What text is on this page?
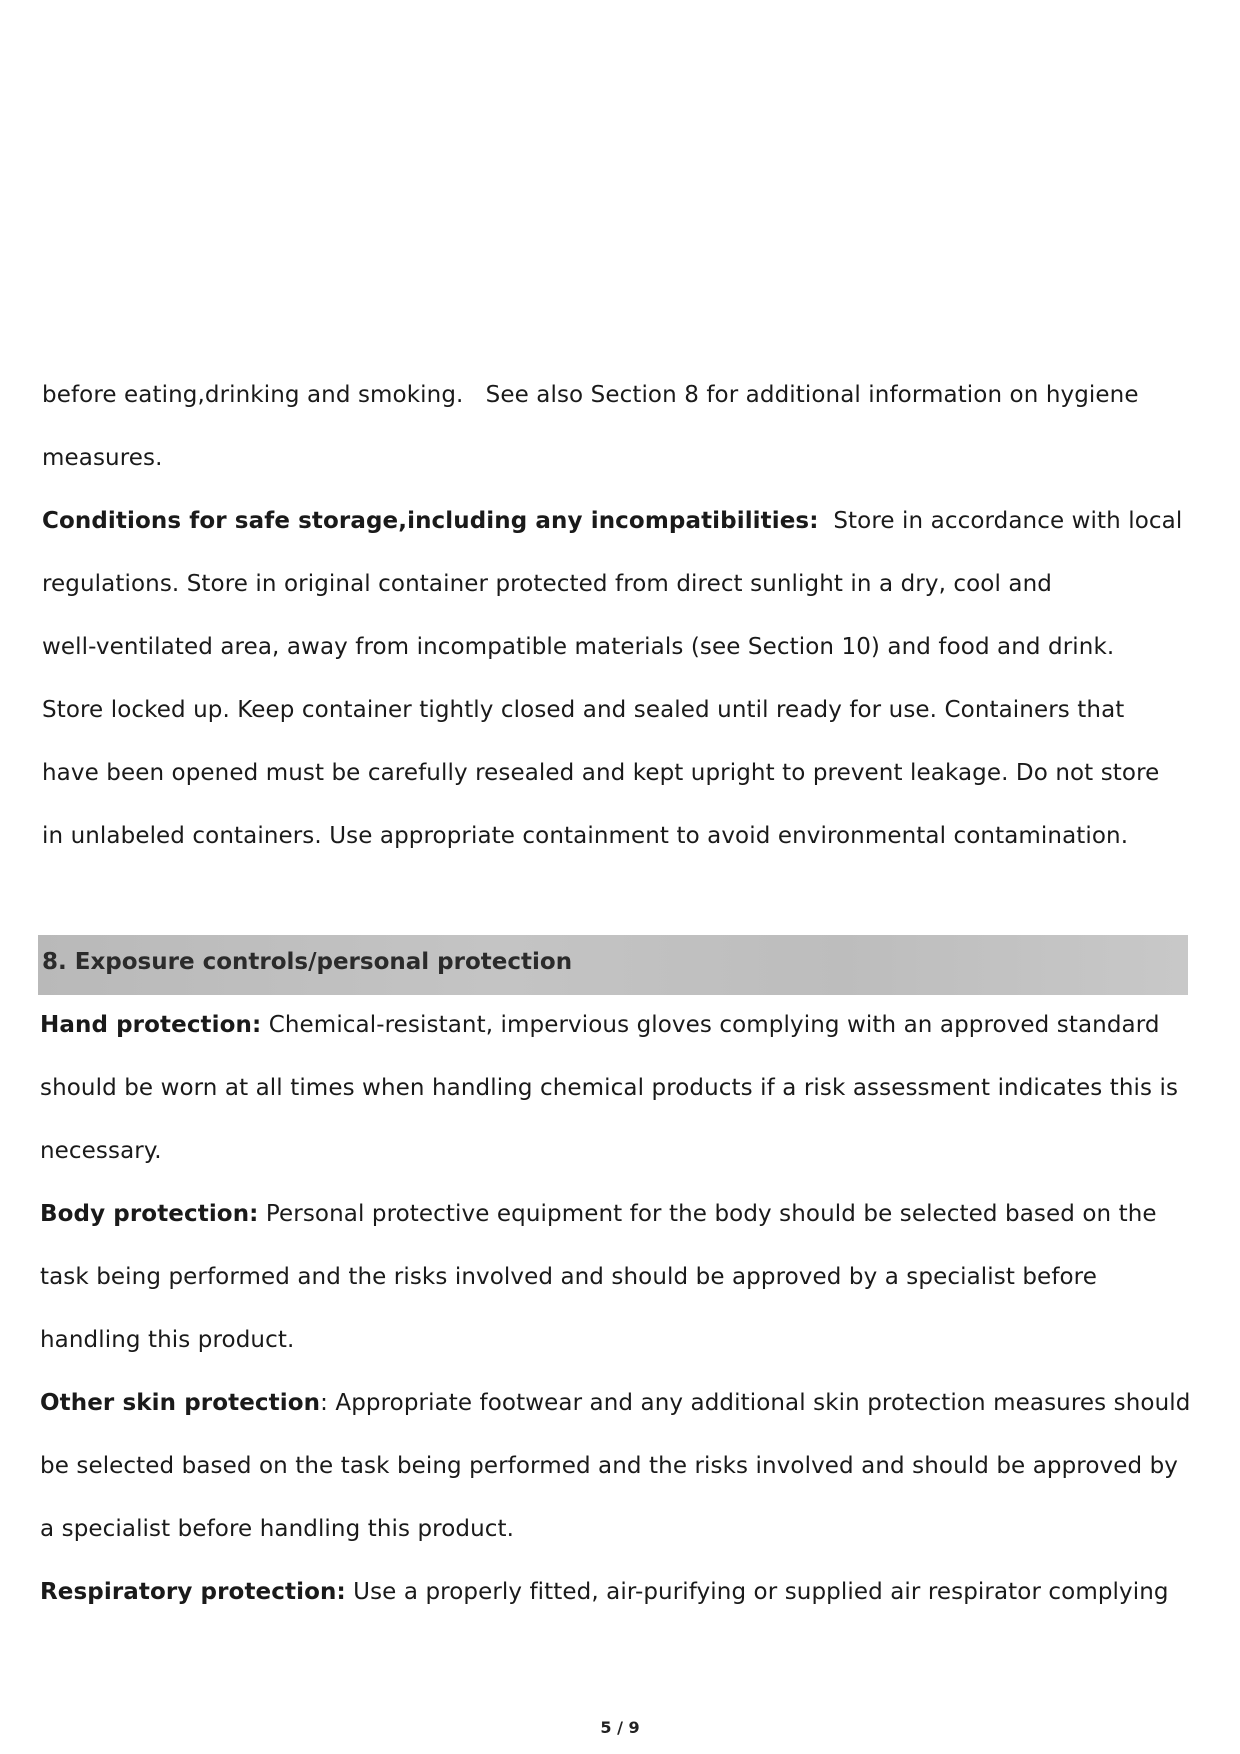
before eating,drinking and smoking.   See also Section 8 for additional information on hygiene

measures.

Conditions for safe storage,including any incompatibilities:  Store in accordance with local

regulations. Store in original container protected from direct sunlight in a dry, cool and

well-ventilated area, away from incompatible materials (see Section 10) and food and drink.

Store locked up. Keep container tightly closed and sealed until ready for use. Containers that

have been opened must be carefully resealed and kept upright to prevent leakage. Do not store

in unlabeled containers. Use appropriate containment to avoid environmental contamination.

8. Exposure controls/personal protection

Hand protection: Chemical-resistant, impervious gloves complying with an approved standard

should be worn at all times when handling chemical products if a risk assessment indicates this is

necessary.

Body protection: Personal protective equipment for the body should be selected based on the

task being performed and the risks involved and should be approved by a specialist before

handling this product.

Other skin protection: Appropriate footwear and any additional skin protection measures should

be selected based on the task being performed and the risks involved and should be approved by

a specialist before handling this product.

Respiratory protection: Use a properly fitted, air-purifying or supplied air respirator complying

5 / 9
